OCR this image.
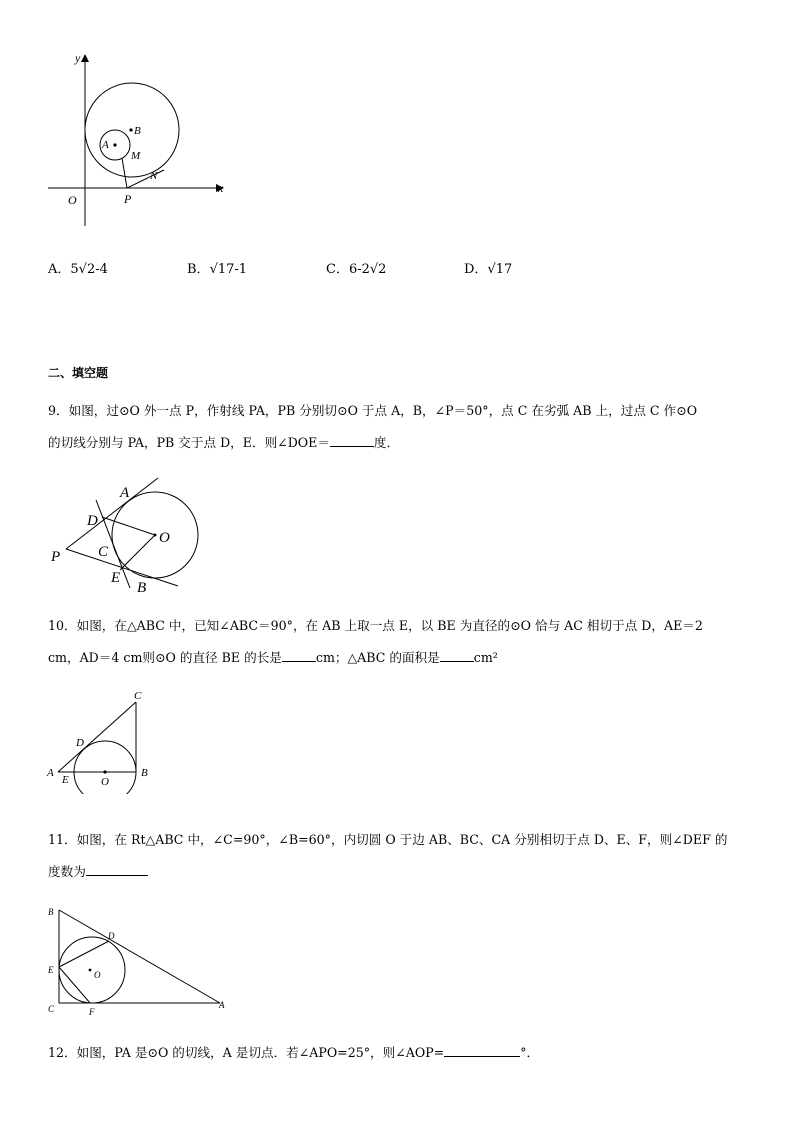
y
x
O
A
B
M
N
P
A．5√2-4	B．√17-1	C．6-2√2	D．√17
二、填空题
9．如图，过⊙O 外一点 P，作射线 PA，PB 分别切⊙O 于点 A，B，∠P＝50°，点 C 在劣弧 AB 上，过点 C 作⊙O
的切线分别与 PA，PB 交于点 D，E．则∠DOE＝	度．
A
D
O
C
P
E
B
10．如图，在△ABC 中，已知∠ABC＝90°，在 AB 上取一点 E，以 BE 为直径的⊙O 恰与 AC 相切于点 D，AE＝2
cm，AD＝4 cm则⊙O 的直径 BE 的长是	cm；△ABC 的面积是	cm²
C
D
A
E	O
B
11．如图，在 Rt△ABC 中，∠C=90°，∠B=60°，内切圆 O 于边 AB、BC、CA 分别相切于点 D、E、F，则∠DEF 的
度数为
B
D
E	O
C	F
A
12．如图，PA 是⊙O 的切线，A 是切点．若∠APO=25°，则∠AOP=	°．
